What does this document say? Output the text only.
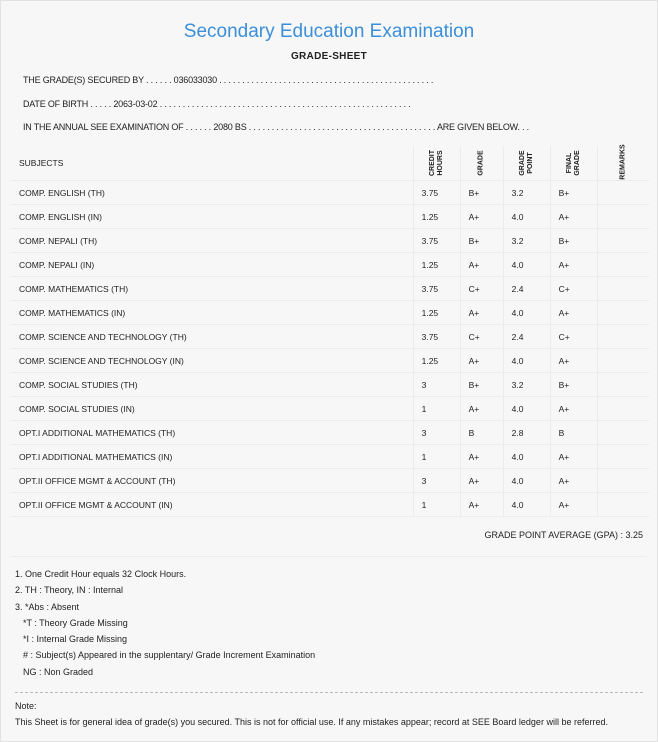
Secondary Education Examination
GRADE-SHEET
THE GRADE(S) SECURED BY . . . . . . 036033030 . . . . . . . . . . . . . . . . . . . . . . . . . . . . . . . . . . . . . . . . . . . . . . .
DATE OF BIRTH . . . . . 2063-03-02 . . . . . . . . . . . . . . . . . . . . . . . . . . . . . . . . . . . . . . . . . . . . . . . . . . . . . . .
IN THE ANNUAL SEE EXAMINATION OF . . . . . . 2080 BS . . . . . . . . . . . . . . . . . . . . . . . . . . . . . . . . . . . . . . . . . ARE GIVEN BELOW. . .
SUBJECTS	CREDIT HOURS	GRADE	GRADE POINT	FINAL GRADE	REMARKS
COMP. ENGLISH (TH)	3.75	B+	3.2	B+	
COMP. ENGLISH (IN)	1.25	A+	4.0	A+	
COMP. NEPALI (TH)	3.75	B+	3.2	B+	
COMP. NEPALI (IN)	1.25	A+	4.0	A+	
COMP. MATHEMATICS (TH)	3.75	C+	2.4	C+	
COMP. MATHEMATICS (IN)	1.25	A+	4.0	A+	
COMP. SCIENCE AND TECHNOLOGY (TH)	3.75	C+	2.4	C+	
COMP. SCIENCE AND TECHNOLOGY (IN)	1.25	A+	4.0	A+	
COMP. SOCIAL STUDIES (TH)	3	B+	3.2	B+	
COMP. SOCIAL STUDIES (IN)	1	A+	4.0	A+	
OPT.I ADDITIONAL MATHEMATICS (TH)	3	B	2.8	B	
OPT.I ADDITIONAL MATHEMATICS (IN)	1	A+	4.0	A+	
OPT.II OFFICE MGMT & ACCOUNT (TH)	3	A+	4.0	A+	
OPT.II OFFICE MGMT & ACCOUNT (IN)	1	A+	4.0	A+	
GRADE POINT AVERAGE (GPA) : 3.25
1. One Credit Hour equals 32 Clock Hours.
2. TH : Theory, IN : Internal
3. *Abs : Absent
*T : Theory Grade Missing
*I : Internal Grade Missing
# : Subject(s) Appeared in the supplentary/ Grade Increment Examination
NG : Non Graded
Note:
This Sheet is for general idea of grade(s) you secured. This is not for official use. If any mistakes appear; record at SEE Board ledger will be referred.
